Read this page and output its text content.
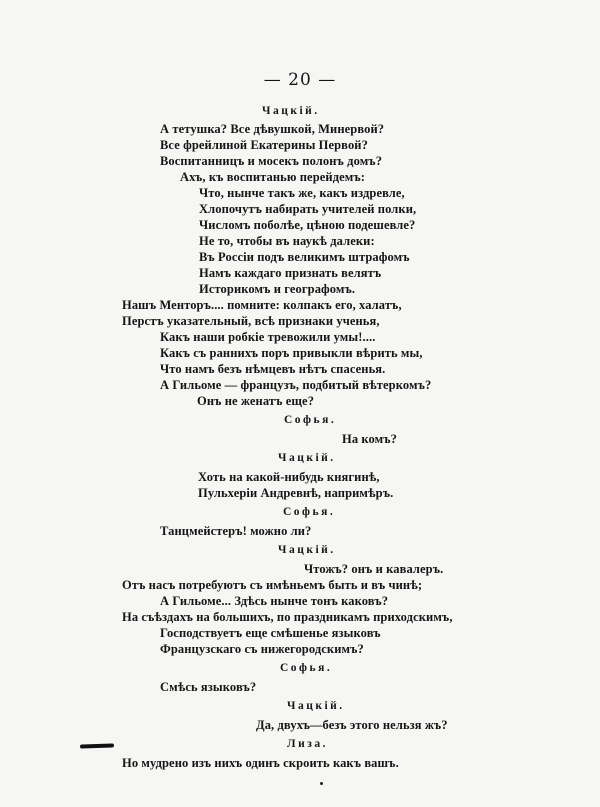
— 20 —
Чацкій.
А тетушка? Все дѣвушкой, Минервой?
Все фрейлиной Екатерины Первой?
Воспитанницъ и мосекъ полонъ домъ?
Ахъ, къ воспитанью перейдемъ:
Что, нынче такъ же, какъ издревле,
Хлопочутъ набирать учителей полки,
Числомъ поболѣе, цѣною подешевле?
Не то, чтобы въ наукѣ далеки:
Въ Россіи подъ великимъ штрафомъ
Намъ каждаго признать велятъ
Историкомъ и географомъ.
Нашъ Менторъ.... помните: колпакъ его, халатъ,
Перстъ указательный, всѣ признаки ученья,
Какъ наши робкіе тревожили умы!....
Какъ съ раннихъ поръ привыкли вѣрить мы,
Что намъ безъ нѣмцевъ нѣтъ спасенья.
А Гильоме — французъ, подбитый вѣтеркомъ?
Онъ не женатъ еще?
Софья.
На комъ?
Чацкій.
Хоть на какой-нибудь княгинѣ,
Пульхеріи Андревнѣ, напримѣръ.
Софья.
Танцмейстеръ! можно ли?
Чацкій.
Чтожъ? онъ и кавалеръ.
Отъ насъ потребуютъ съ имѣньемъ быть и въ чинѣ;
А Гильоме... Здѣсь нынче тонъ каковъ?
На съѣздахъ на большихъ, по праздникамъ приходскимъ,
Господствуетъ еще смѣшенье языковъ
Французскаго съ нижегородскимъ?
Софья.
Смѣсь языковъ?
Чацкій.
Да, двухъ—безъ этого нельзя жъ?
Лиза.
Но мудрено изъ нихъ одинъ скроить какъ вашъ.
